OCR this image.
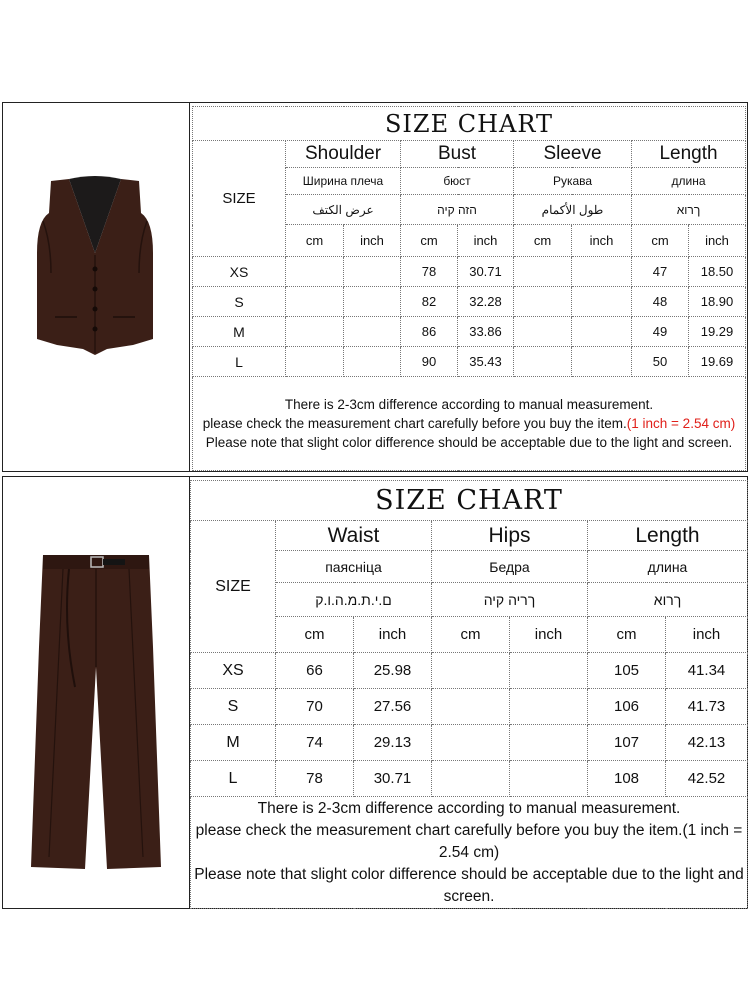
SIZE CHART								
SIZE	Shoulder		Bust		Sleeve		Length	
	Ширина плеча		бюст		Рукава		длина	
	عرض الكتف		הזה קיה		طول الأكمام		ךרוא	
	cm	inch	cm	inch	cm	inch	cm	inch
XS			78	30.71			47	18.50
S			82	32.28			48	18.90
M			86	33.86			49	19.29
L			90	35.43			50	19.69
There is 2-3cm difference according to manual measurement.
please check the measurement chart carefully before you buy the item.(1 inch = 2.54 cm)
Please note that slight color difference should be acceptable due to the light and screen.								
SIZE CHART						
SIZE	Waist		Hips		Length	
	паясніца		Бедра		длина	
	ם.י.ת.מ.ה.ו.ק		ךריה קיה		ךרוא	
	cm	inch	cm	inch	cm	inch
XS	66	25.98			105	41.34
S	70	27.56			106	41.73
M	74	29.13			107	42.13
L	78	30.71			108	42.52
There is 2-3cm difference according to manual measurement.
please check the measurement chart carefully before you buy the item.(1 inch = 2.54 cm)
Please note that slight color difference should be acceptable due to the light and screen.						
